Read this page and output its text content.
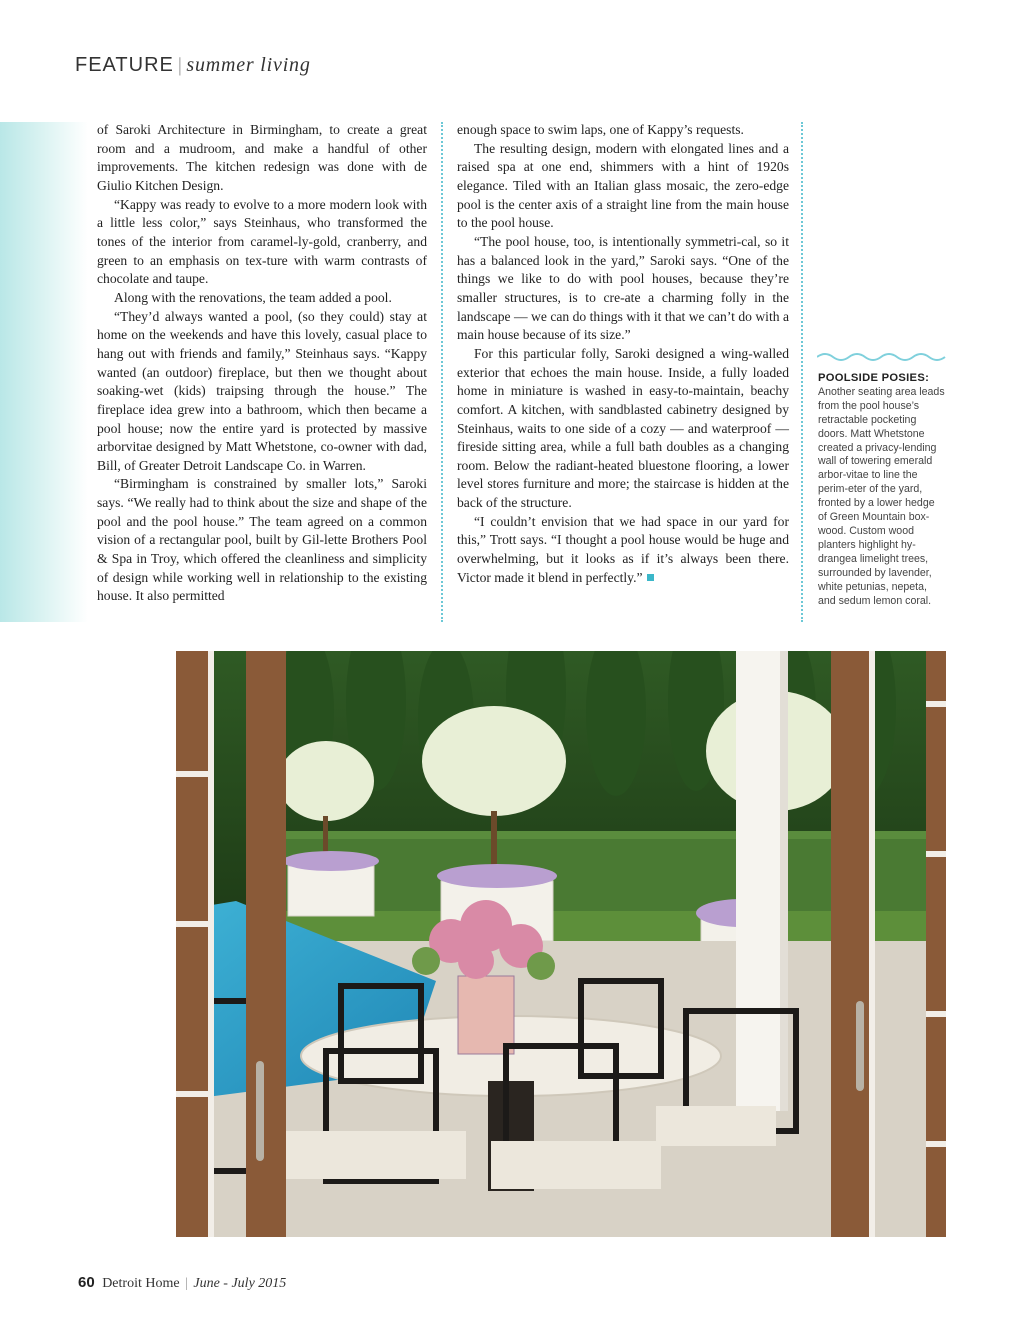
FEATURE | summer living

of Saroki Architecture in Birmingham, to create a great room and a mudroom, and make a handful of other improvements. The kitchen redesign was done with de Giulio Kitchen Design.

“Kappy was ready to evolve to a more modern look with a little less color,” says Steinhaus, who transformed the tones of the interior from caramel-ly-gold, cranberry, and green to an emphasis on tex-ture with warm contrasts of chocolate and taupe.

Along with the renovations, the team added a pool.

“They’d always wanted a pool, (so they could) stay at home on the weekends and have this lovely, casual place to hang out with friends and family,” Steinhaus says. “Kappy wanted (an outdoor) fireplace, but then we thought about soaking-wet (kids) traipsing through the house.” The fireplace idea grew into a bathroom, which then became a pool house; now the entire yard is protected by massive arborvitae designed by Matt Whetstone, co-owner with dad, Bill, of Greater Detroit Landscape Co. in Warren.

“Birmingham is constrained by smaller lots,” Saroki says. “We really had to think about the size and shape of the pool and the pool house.” The team agreed on a common vision of a rectangular pool, built by Gil-lette Brothers Pool & Spa in Troy, which offered the cleanliness and simplicity of design while working well in relationship to the existing house. It also permitted

enough space to swim laps, one of Kappy’s requests.

The resulting design, modern with elongated lines and a raised spa at one end, shimmers with a hint of 1920s elegance. Tiled with an Italian glass mosaic, the zero-edge pool is the center axis of a straight line from the main house to the pool house.

“The pool house, too, is intentionally symmetri-cal, so it has a balanced look in the yard,” Saroki says. “One of the things we like to do with pool houses, because they’re smaller structures, is to cre-ate a charming folly in the landscape — we can do things with it that we can’t do with a main house because of its size.”

For this particular folly, Saroki designed a wing-walled exterior that echoes the main house. Inside, a fully loaded home in miniature is washed in easy-to-maintain, beachy comfort. A kitchen, with sandblasted cabinetry designed by Steinhaus, waits to one side of a cozy — and waterproof — fireside sitting area, while a full bath doubles as a changing room. Below the radiant-heated bluestone flooring, a lower level stores furniture and more; the staircase is hidden at the back of the structure.

“I couldn’t envision that we had space in our yard for this,” Trott says. “I thought a pool house would be huge and overwhelming, but it looks as if it’s always been there. Victor made it blend in perfectly.”

POOLSIDE POSIES:
Another seating area leads from the pool house’s retractable pocketing doors. Matt Whetstone created a privacy-lending wall of towering emerald arbor-vitae to line the perim-eter of the yard, fronted by a lower hedge of Green Mountain box-wood. Custom wood planters highlight hy-drangea limelight trees, surrounded by lavender, white petunias, nepeta, and sedum lemon coral.
60 Detroit Home | June - July 2015
